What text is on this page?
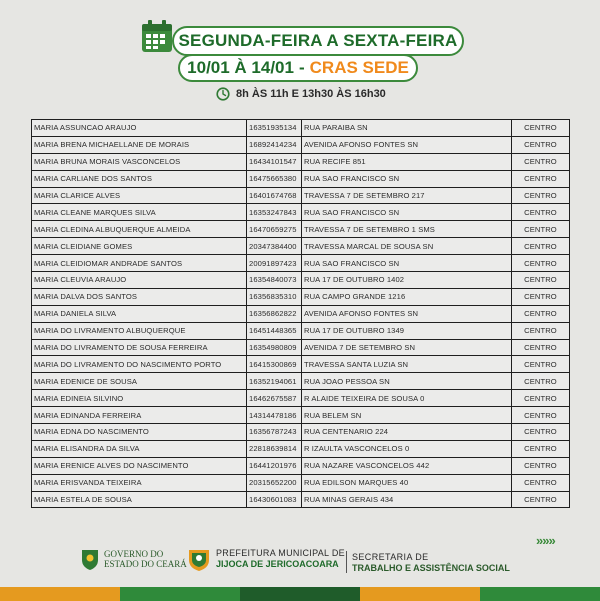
SEGUNDA-FEIRA A SEXTA-FEIRA
10/01 À 14/01 - CRAS SEDE
8h ÀS 11h E 13h30 ÀS 16h30
MARIA ASSUNCAO ARAUJO	16351935134	RUA PARAIBA SN	CENTRO
MARIA BRENA MICHAELLANE DE MORAIS	16892414234	AVENIDA AFONSO FONTES SN	CENTRO
MARIA BRUNA MORAIS VASCONCELOS	16434101547	RUA RECIFE 851	CENTRO
MARIA CARLIANE DOS SANTOS	16475665380	RUA SAO FRANCISCO SN	CENTRO
MARIA CLARICE ALVES	16401674768	TRAVESSA 7 DE SETEMBRO 217	CENTRO
MARIA CLEANE MARQUES SILVA	16353247843	RUA SAO FRANCISCO SN	CENTRO
MARIA CLEDINA ALBUQUERQUE ALMEIDA	16470659275	TRAVESSA 7 DE SETEMBRO 1 SMS	CENTRO
MARIA CLEIDIANE GOMES	20347384400	TRAVESSA MARCAL DE SOUSA SN	CENTRO
MARIA CLEIDIOMAR ANDRADE SANTOS	20091897423	RUA SAO FRANCISCO SN	CENTRO
MARIA CLEUVIA ARAUJO	16354840073	RUA 17 DE OUTUBRO 1402	CENTRO
MARIA DALVA DOS SANTOS	16356835310	RUA CAMPO GRANDE 1216	CENTRO
MARIA DANIELA SILVA	16356862822	AVENIDA AFONSO FONTES SN	CENTRO
MARIA DO LIVRAMENTO ALBUQUERQUE	16451448365	RUA 17 DE OUTUBRO 1349	CENTRO
MARIA DO LIVRAMENTO DE SOUSA FERREIRA	16354980809	AVENIDA 7 DE SETEMBRO SN	CENTRO
MARIA DO LIVRAMENTO DO NASCIMENTO PORTO	16415300869	TRAVESSA SANTA LUZIA SN	CENTRO
MARIA EDENICE DE SOUSA	16352194061	RUA JOAO PESSOA SN	CENTRO
MARIA EDINEIA SILVINO	16462675587	R ALAIDE TEIXEIRA DE SOUSA 0	CENTRO
MARIA EDINANDA FERREIRA	14314478186	RUA BELEM SN	CENTRO
MARIA EDNA DO NASCIMENTO	16356787243	RUA CENTENARIO 224	CENTRO
MARIA ELISANDRA DA SILVA	22818639814	R IZAULTA VASCONCELOS 0	CENTRO
MARIA ERENICE ALVES DO NASCIMENTO	16441201976	RUA NAZARE VASCONCELOS 442	CENTRO
MARIA ERISVANDA TEIXEIRA	20315652200	RUA EDILSON MARQUES 40	CENTRO
MARIA ESTELA DE SOUSA	16430601083	RUA MINAS GERAIS 434	CENTRO
»»»
GOVERNO DO
ESTADO DO CEARÁ
PREFEITURA MUNICIPAL DE
JIJOCA DE JERICOACOARA
SECRETARIA DE
TRABALHO E ASSISTÊNCIA SOCIAL
